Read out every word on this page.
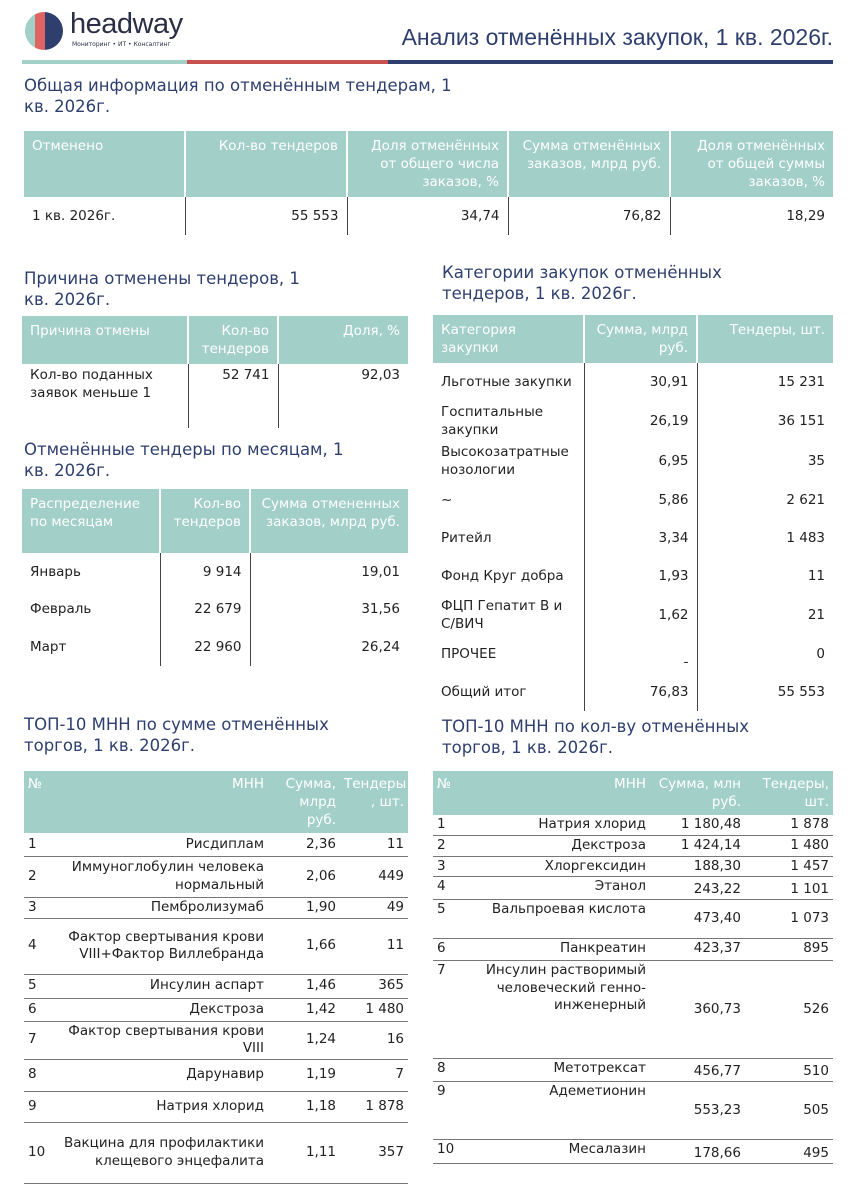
headway
Мониторинг • ИТ • Консалтинг	Анализ отменённых закупок, 1 кв. 2026г.
Общая информация по отменённым тендерам, 1 кв. 2026г.
Отменено	Кол-во тендеров	Доля отменённых от общего числа заказов, %	Сумма отменённых заказов, млрд руб.	Доля отменённых от общей суммы заказов, %
1 кв. 2026г.	55 553	34,74	76,82	18,29
Причина отменены тендеров, 1 кв. 2026г.
Причина отмены	Кол-во тендеров	Доля, %
Кол-во поданных заявок меньше 1	52 741	92,03
Отменённые тендеры по месяцам, 1 кв. 2026г.
Распределение по месяцам	Кол-во тендеров	Сумма отмененных заказов, млрд руб.
Январь	9 914	19,01
Февраль	22 679	31,56
Март	22 960	26,24
Категории закупок отменённых тендеров, 1 кв. 2026г.
Категория закупки	Сумма, млрд руб.	Тендеры, шт.
Льготные закупки	30,91	15 231
Госпитальные закупки	26,19	36 151
Высокозатратные нозологии	6,95	35
~	5,86	2 621
Ритейл	3,34	1 483
Фонд Круг добра	1,93	11
ФЦП Гепатит В и С/ВИЧ	1,62	21
ПРОЧЕЕ	-	0
Общий итог	76,83	55 553
ТОП-10 МНН по сумме отменённых торгов, 1 кв. 2026г.
№	МНН	Сумма, млрд руб.	Тендеры , шт.
1	Рисдиплам	2,36	11
2	Иммуноглобулин человека нормальный	2,06	449
3	Пембролизумаб	1,90	49
4	Фактор свертывания крови VIII+Фактор Виллебранда	1,66	11
5	Инсулин аспарт	1,46	365
6	Декстроза	1,42	1 480
7	Фактор свертывания крови VIII	1,24	16
8	Дарунавир	1,19	7
9	Натрия хлорид	1,18	1 878
10	Вакцина для профилактики клещевого энцефалита	1,11	357
ТОП-10 МНН по кол-ву отменённых торгов, 1 кв. 2026г.
№	МНН	Сумма, млн руб.	Тендеры, шт.
1	Натрия хлорид	1 180,48	1 878
2	Декстроза	1 424,14	1 480
3	Хлоргексидин	188,30	1 457
4	Этанол	243,22	1 101
5	Вальпроевая кислота	473,40	1 073
6	Панкреатин	423,37	895
7	Инсулин растворимый человеческий генно-инженерный	360,73	526
8	Метотрексат	456,77	510
9	Адеметионин	553,23	505
10	Месалазин	178,66	495
